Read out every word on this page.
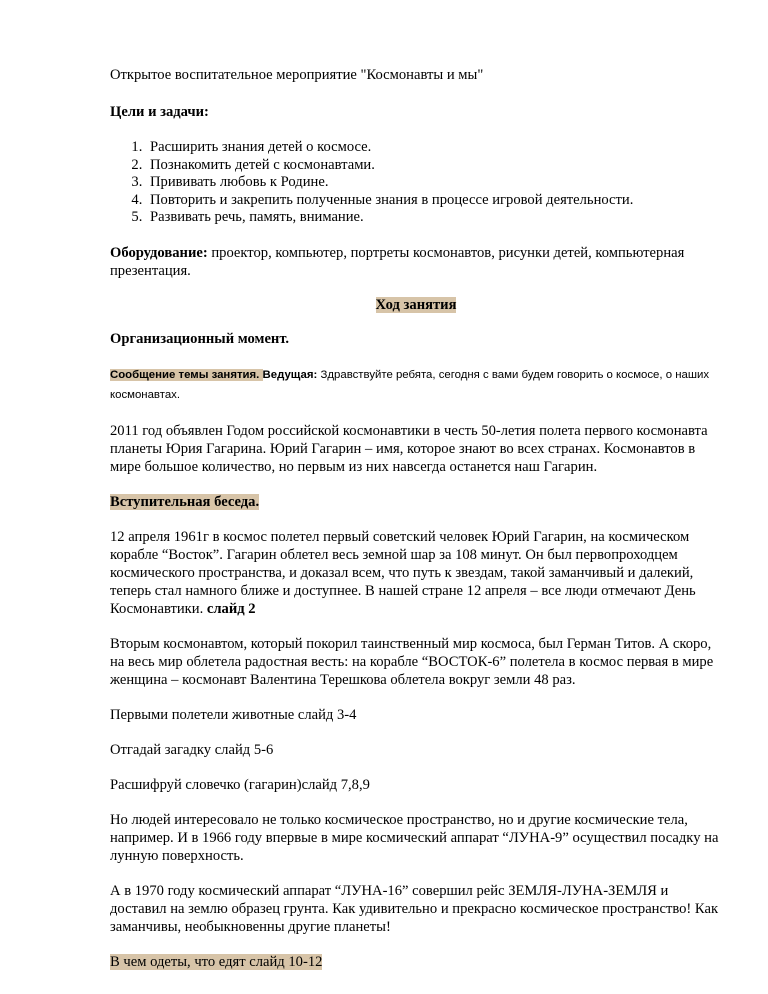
Открытое воспитательное мероприятие "Космонавты и мы"

Цели и задачи:

1. Расширить знания детей о космосе.
2. Познакомить детей с космонавтами.
3. Прививать любовь к Родине.
4. Повторить и закрепить полученные знания в процессе игровой деятельности.
5. Развивать речь, память, внимание.

Оборудование: проектор, компьютер, портреты космонавтов, рисунки детей, компьютерная презентация.

Ход занятия

Организационный момент.

Сообщение темы занятия. Ведущая: Здравствуйте ребята, сегодня с вами будем говорить о космосе, о наших космонавтах.

2011 год объявлен Годом российской космонавтики в честь 50-летия полета первого космонавта планеты Юрия Гагарина. Юрий Гагарин – имя, которое знают во всех странах. Космонавтов в мире большое количество, но первым из них навсегда останется наш Гагарин.

Вступительная беседа.

12 апреля 1961г в космос полетел первый советский человек Юрий Гагарин, на космическом корабле “Восток”. Гагарин облетел весь земной шар за 108 минут. Он был первопроходцем космического пространства, и доказал всем, что путь к звездам, такой заманчивый и далекий, теперь стал намного ближе и доступнее. В нашей стране 12 апреля – все люди отмечают День Космонавтики. слайд 2

Вторым космонавтом, который покорил таинственный мир космоса, был Герман Титов. А скоро, на весь мир облетела радостная весть: на корабле “ВОСТОК-6” полетела в космос первая в мире женщина – космонавт Валентина Терешкова облетела вокруг земли 48 раз.

Первыми полетели животные слайд 3-4

Отгадай загадку слайд 5-6

Расшифруй словечко (гагарин)слайд 7,8,9

Но людей интересовало не только космическое пространство, но и другие космические тела, например. И в 1966 году впервые в мире космический аппарат “ЛУНА-9” осуществил посадку на лунную поверхность.

А в 1970 году космический аппарат “ЛУНА-16” совершил рейс ЗЕМЛЯ-ЛУНА-ЗЕМЛЯ и доставил на землю образец грунта. Как удивительно и прекрасно космическое пространство! Как заманчивы, необыкновенны другие планеты!

В чем одеты, что едят слайд 10-12
